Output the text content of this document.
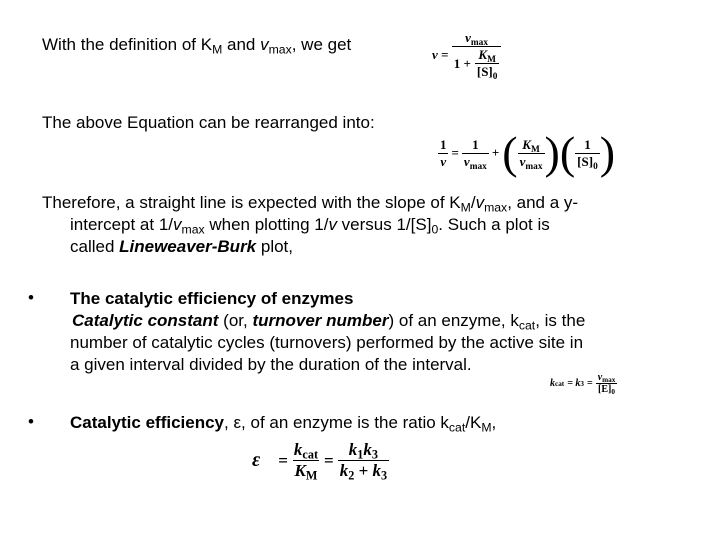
With the definition of $K_M$ and $v_{max}$, we get
$v = \frac{v_{max}}{1 + \frac{K_M}{[S]_0}}$
The above Equation can be rearranged into:
$\frac{1}{v} = \frac{1}{v_{max}}$ + ( $\frac{K_M}{v_{max}}$ ) ( $\frac{1}{[S]_0}$ )
Therefore, a straight line is expected with the slope of $K_M/v_{max}$, and a y-
intercept at $1/v_{max}$ when plotting 1/v versus $1/[S]_0$. Such a plot is
called Lineweaver-Burk plot,
• The catalytic efficiency of enzymes
Catalytic constant (or, turnover number) of an enzyme, $k_{cat}$, is the
number of catalytic cycles (turnovers) performed by the active site in
a given interval divided by the duration of the interval.
k cat = k $3 = \frac{v_{max}}{[E]_0}$
• Catalytic efficiency, ε, of an enzyme is the ratio $k_{cat}/K_M$,
$\varepsilon = \frac{k_{cat}}{K_M} = \frac{k_1k_3}{k_2 + k_3}$
